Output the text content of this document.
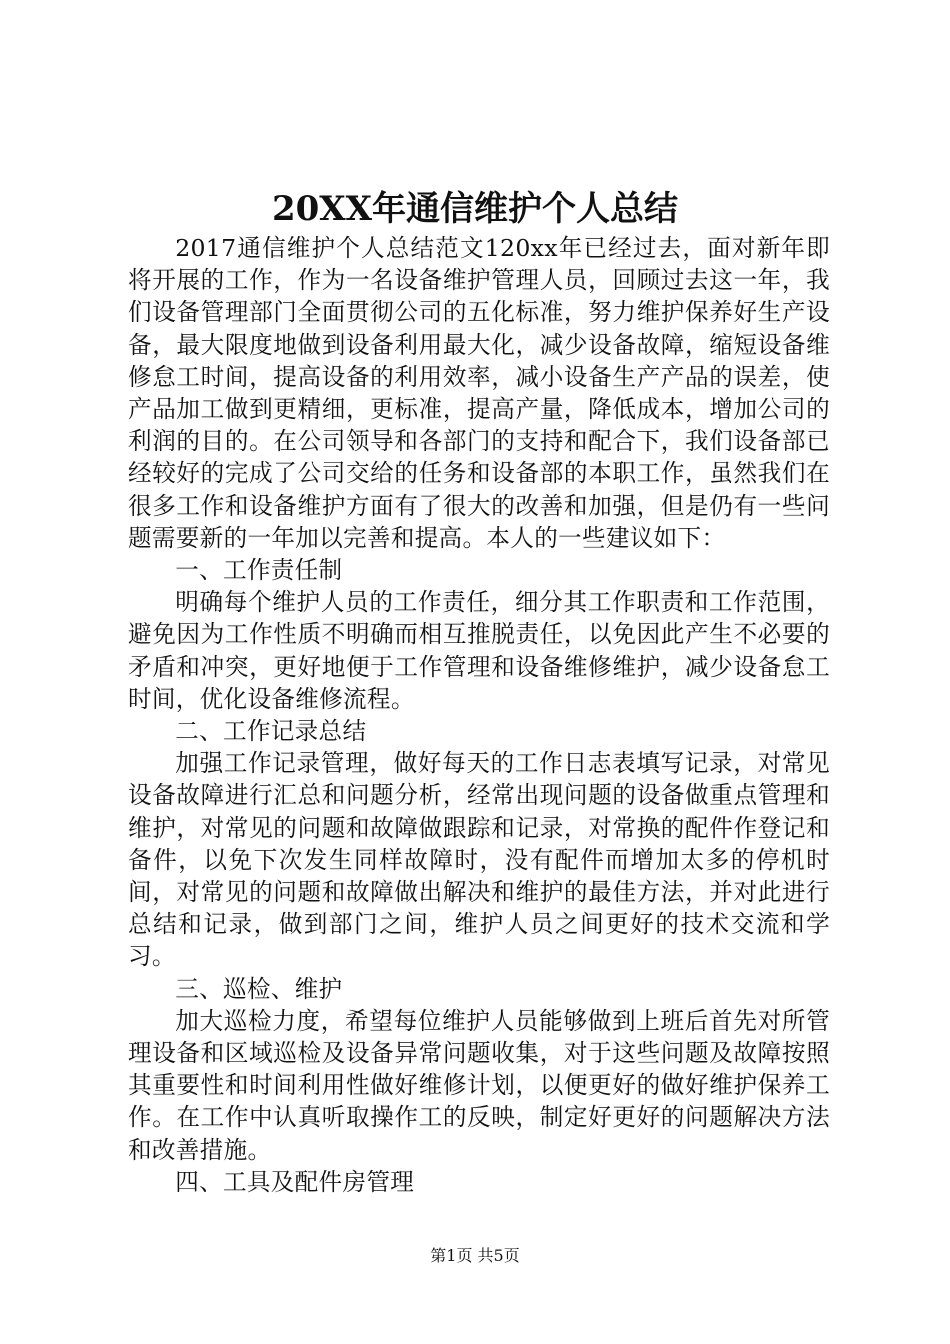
20XX年通信维护个人总结

2017通信维护个人总结范文120xx年已经过去，面对新年即将开展的工作，作为一名设备维护管理人员，回顾过去这一年，我们设备管理部门全面贯彻公司的五化标准，努力维护保养好生产设备，最大限度地做到设备利用最大化，减少设备故障，缩短设备维修怠工时间，提高设备的利用效率，减小设备生产产品的误差，使产品加工做到更精细，更标准，提高产量，降低成本，增加公司的利润的目的。在公司领导和各部门的支持和配合下，我们设备部已经较好的完成了公司交给的任务和设备部的本职工作，虽然我们在很多工作和设备维护方面有了很大的改善和加强，但是仍有一些问题需要新的一年加以完善和提高。本人的一些建议如下：

一、工作责任制

明确每个维护人员的工作责任，细分其工作职责和工作范围，避免因为工作性质不明确而相互推脱责任，以免因此产生不必要的矛盾和冲突，更好地便于工作管理和设备维修维护，减少设备怠工时间，优化设备维修流程。

二、工作记录总结

加强工作记录管理，做好每天的工作日志表填写记录，对常见设备故障进行汇总和问题分析，经常出现问题的设备做重点管理和维护，对常见的问题和故障做跟踪和记录，对常换的配件作登记和备件，以免下次发生同样故障时，没有配件而增加太多的停机时间，对常见的问题和故障做出解决和维护的最佳方法，并对此进行总结和记录，做到部门之间，维护人员之间更好的技术交流和学习。

三、巡检、维护

加大巡检力度，希望每位维护人员能够做到上班后首先对所管理设备和区域巡检及设备异常问题收集，对于这些问题及故障按照其重要性和时间利用性做好维修计划，以便更好的做好维护保养工作。在工作中认真听取操作工的反映，制定好更好的问题解决方法和改善措施。

四、工具及配件房管理

第1页 共5页
